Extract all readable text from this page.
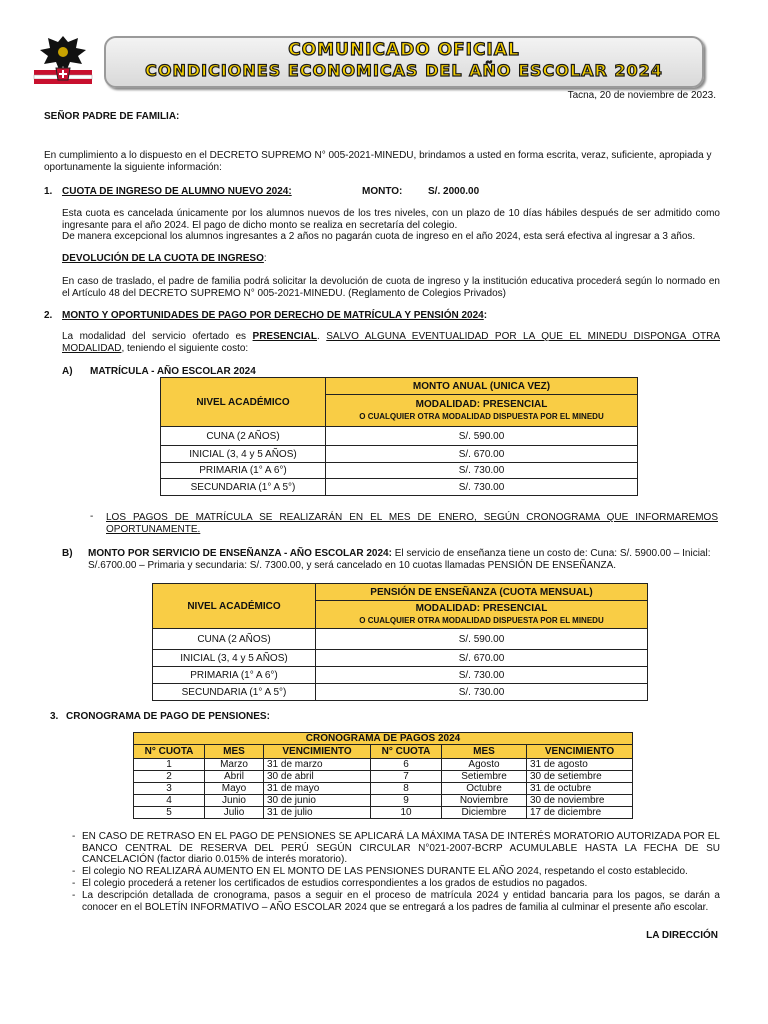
COMUNICADO OFICIAL
CONDICIONES ECONOMICAS DEL AÑO ESCOLAR 2024
Tacna, 20 de noviembre de 2023.
SEÑOR PADRE DE FAMILIA:
En cumplimiento a lo dispuesto en el DECRETO SUPREMO N° 005-2021-MINEDU, brindamos a usted en forma escrita, veraz, suficiente, apropiada y oportunamente la siguiente información:
1. CUOTA DE INGRESO DE ALUMNO NUEVO 2024:	MONTO:	S/. 2000.00
Esta cuota es cancelada únicamente por los alumnos nuevos de los tres niveles, con un plazo de 10 días hábiles después de ser admitido como ingresante para el año 2024. El pago de dicho monto se realiza en secretaría del colegio.
De manera excepcional los alumnos ingresantes a 2 años no pagarán cuota de ingreso en el año 2024, esta será efectiva al ingresar a 3 años.
DEVOLUCIÓN DE LA CUOTA DE INGRESO:
En caso de traslado, el padre de familia podrá solicitar la devolución de cuota de ingreso y la institución educativa procederá según lo normado en el Artículo 48 del DECRETO SUPREMO N° 005-2021-MINEDU. (Reglamento de Colegios Privados)
2. MONTO Y OPORTUNIDADES DE PAGO POR DERECHO DE MATRÍCULA Y PENSIÓN 2024:
La modalidad del servicio ofertado es PRESENCIAL. SALVO ALGUNA EVENTUALIDAD POR LA QUE EL MINEDU DISPONGA OTRA MODALIDAD, teniendo el siguiente costo:
A) MATRÍCULA - AÑO ESCOLAR 2024
NIVEL ACADÉMICO	MONTO ANUAL (UNICA VEZ)

	MODALIDAD: PRESENCIAL
O CUALQUIER OTRA MODALIDAD DISPUESTA POR EL MINEDU

CUNA (2 AÑOS)	S/. 590.00
INICIAL (3, 4 y 5 AÑOS)	S/. 670.00
PRIMARIA (1° A 6°)	S/. 730.00
SECUNDARIA (1° A 5°)	S/. 730.00
- LOS PAGOS DE MATRÍCULA SE REALIZARÁN EN EL MES DE ENERO, SEGÚN CRONOGRAMA QUE INFORMAREMOS OPORTUNAMENTE.
B) MONTO POR SERVICIO DE ENSEÑANZA - AÑO ESCOLAR 2024: El servicio de enseñanza tiene un costo de: Cuna: S/. 5900.00 – Inicial: S/.6700.00 – Primaria y secundaria: S/. 7300.00, y será cancelado en 10 cuotas llamadas PENSIÓN DE ENSEÑANZA.
NIVEL ACADÉMICO	PENSIÓN DE ENSEÑANZA (CUOTA MENSUAL)

	MODALIDAD: PRESENCIAL
O CUALQUIER OTRA MODALIDAD DISPUESTA POR EL MINEDU

CUNA (2 AÑOS)	S/. 590.00
INICIAL (3, 4 y 5 AÑOS)	S/. 670.00
PRIMARIA (1° A 6°)	S/. 730.00
SECUNDARIA (1° A 5°)	S/. 730.00
3. CRONOGRAMA DE PAGO DE PENSIONES:
CRONOGRAMA DE PAGOS 2024					
N° CUOTA	MES	VENCIMIENTO	N° CUOTA	MES	VENCIMIENTO
1	Marzo	31 de marzo	6	Agosto	31 de agosto
2	Abril	30 de abril	7	Setiembre	30 de setiembre
3	Mayo	31 de mayo	8	Octubre	31 de octubre
4	Junio	30 de junio	9	Noviembre	30 de noviembre
5	Julio	31 de julio	10	Diciembre	17 de diciembre
- EN CASO DE RETRASO EN EL PAGO DE PENSIONES SE APLICARÁ LA MÁXIMA TASA DE INTERÉS MORATORIO AUTORIZADA POR EL BANCO CENTRAL DE RESERVA DEL PERÚ SEGÚN CIRCULAR N°021-2007-BCRP ACUMULABLE HASTA LA FECHA DE SU CANCELACIÓN (factor diario 0.015% de interés moratorio).
- El colegio NO REALIZARÁ AUMENTO EN EL MONTO DE LAS PENSIONES DURANTE EL AÑO 2024, respetando el costo establecido.
- El colegio procederá a retener los certificados de estudios correspondientes a los grados de estudios no pagados.
- La descripción detallada de cronograma, pasos a seguir en el proceso de matrícula 2024 y entidad bancaria para los pagos, se darán a conocer en el BOLETÍN INFORMATIVO – AÑO ESCOLAR 2024 que se entregará a los padres de familia al culminar el presente año escolar.
LA DIRECCIÓN
